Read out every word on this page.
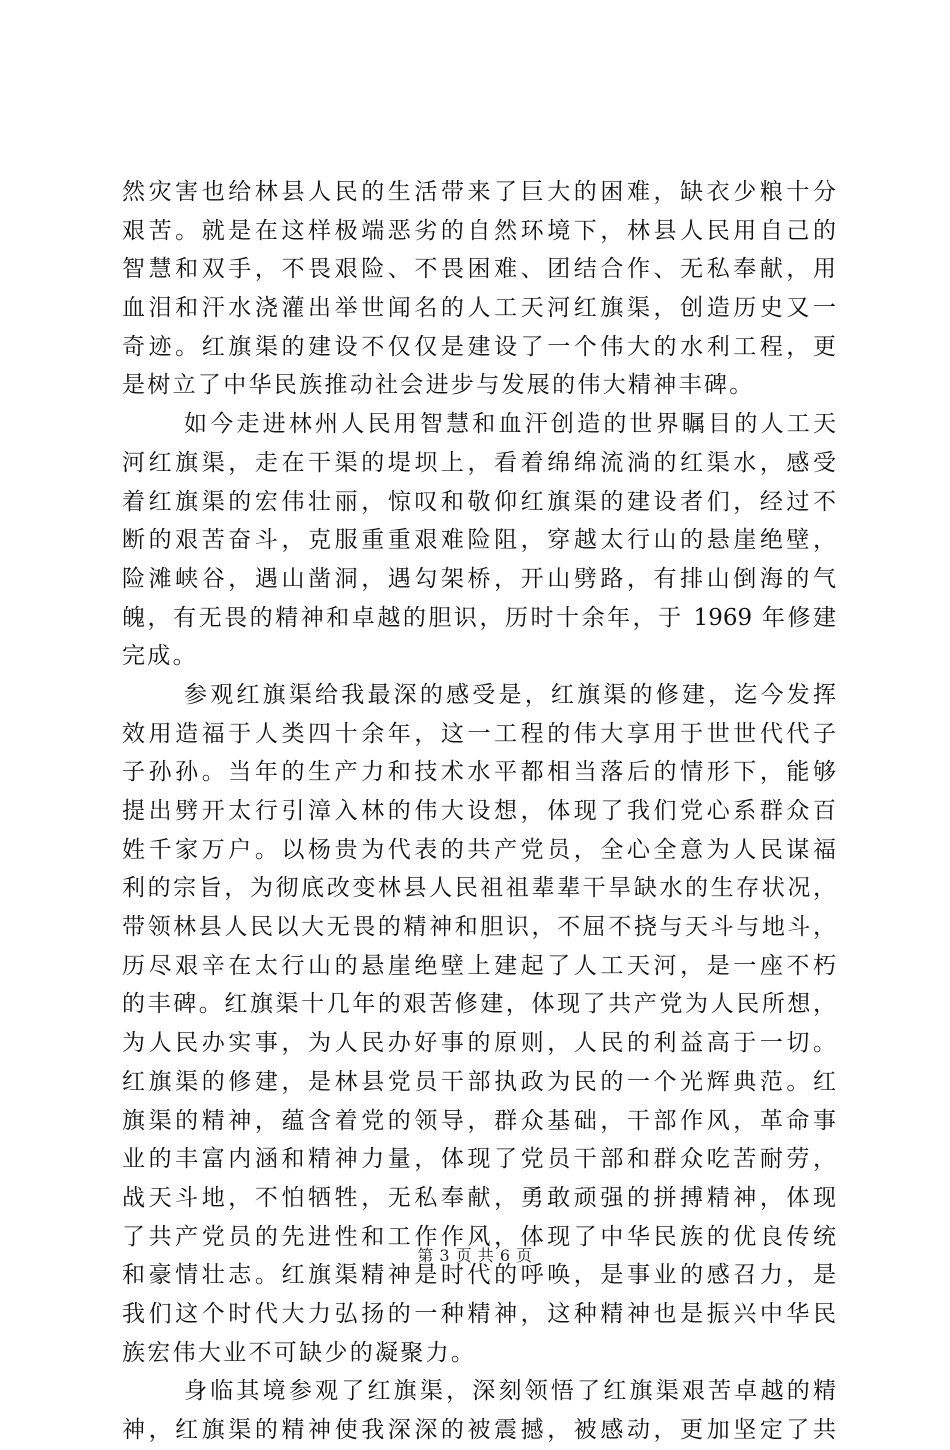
然灾害也给林县人民的生活带来了巨大的困难，缺衣少粮十分
艰苦。就是在这样极端恶劣的自然环境下，林县人民用自己的
智慧和双手，不畏艰险、不畏困难、团结合作、无私奉献，用
血泪和汗水浇灌出举世闻名的人工天河红旗渠，创造历史又一
奇迹。红旗渠的建设不仅仅是建设了一个伟大的水利工程，更
是树立了中华民族推动社会进步与发展的伟大精神丰碑。
如今走进林州人民用智慧和血汗创造的世界瞩目的人工天
河红旗渠，走在干渠的堤坝上，看着绵绵流淌的红渠水，感受
着红旗渠的宏伟壮丽，惊叹和敬仰红旗渠的建设者们，经过不
断的艰苦奋斗，克服重重艰难险阻，穿越太行山的悬崖绝壁，
险滩峡谷，遇山凿洞，遇勾架桥，开山劈路，有排山倒海的气
魄，有无畏的精神和卓越的胆识，历时十余年，于 1969 年修建
完成。
参观红旗渠给我最深的感受是，红旗渠的修建，迄今发挥
效用造福于人类四十余年，这一工程的伟大享用于世世代代子
子孙孙。当年的生产力和技术水平都相当落后的情形下，能够
提出劈开太行引漳入林的伟大设想，体现了我们党心系群众百
姓千家万户。以杨贵为代表的共产党员，全心全意为人民谋福
利的宗旨，为彻底改变林县人民祖祖辈辈干旱缺水的生存状况，
带领林县人民以大无畏的精神和胆识，不屈不挠与天斗与地斗，
历尽艰辛在太行山的悬崖绝壁上建起了人工天河，是一座不朽
的丰碑。红旗渠十几年的艰苦修建，体现了共产党为人民所想，
为人民办实事，为人民办好事的原则，人民的利益高于一切。
红旗渠的修建，是林县党员干部执政为民的一个光辉典范。红
旗渠的精神，蕴含着党的领导，群众基础，干部作风，革命事
业的丰富内涵和精神力量，体现了党员干部和群众吃苦耐劳，
战天斗地，不怕牺牲，无私奉献，勇敢顽强的拼搏精神，体现
了共产党员的先进性和工作作风，体现了中华民族的优良传统
和豪情壮志。红旗渠精神是时代的呼唤，是事业的感召力，是
我们这个时代大力弘扬的一种精神，这种精神也是振兴中华民
族宏伟大业不可缺少的凝聚力。
身临其境参观了红旗渠，深刻领悟了红旗渠艰苦卓越的精
神，红旗渠的精神使我深深的被震撼，被感动，更加坚定了共
第 3 页 共 6 页
